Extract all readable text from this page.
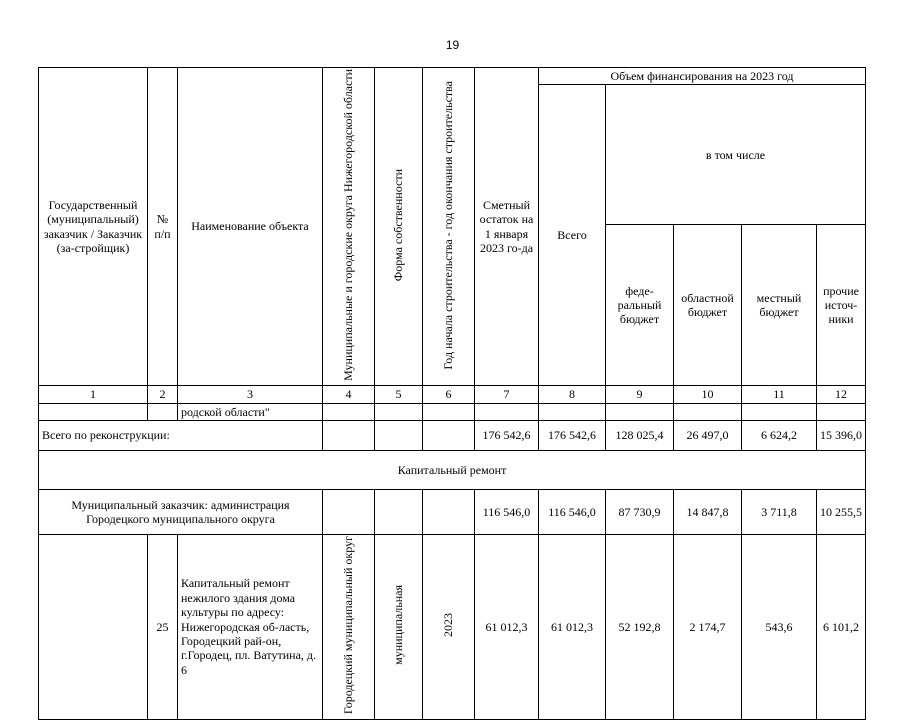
19
Государственный (муниципальный) заказчик / Заказчик (за-стройщик)	№ п/п	Наименование объекта	Муниципальные и городские округа Нижегородской области	Форма собственности	Год начала строительства - год окончания строительства	Сметный остаток на 1 января 2023 го-да	Объем финансирования на 2023 год				
							Всего	в том числе			
								феде-ральный бюджет	областной бюджет	местный бюджет	прочие источ-ники
1	2	3	4	5	6	7	8	9	10	11	12
		родской области"									
Всего по реконструкции:						176 542,6	176 542,6	128 025,4	26 497,0	6 624,2	15 396,0
Капитальный ремонт											
Муниципальный заказчик: администрация Городецкого муниципального округа						116 546,0	116 546,0	87 730,9	14 847,8	3 711,8	10 255,5
	25	Капитальный ремонт нежилого здания дома культуры по адресу: Нижегородская об-ласть, Городецкий рай-он, г.Городец, пл. Ватутина, д. 6	Городецкий муниципальный округ	муниципальная	2023	61 012,3	61 012,3	52 192,8	2 174,7	543,6	6 101,2
